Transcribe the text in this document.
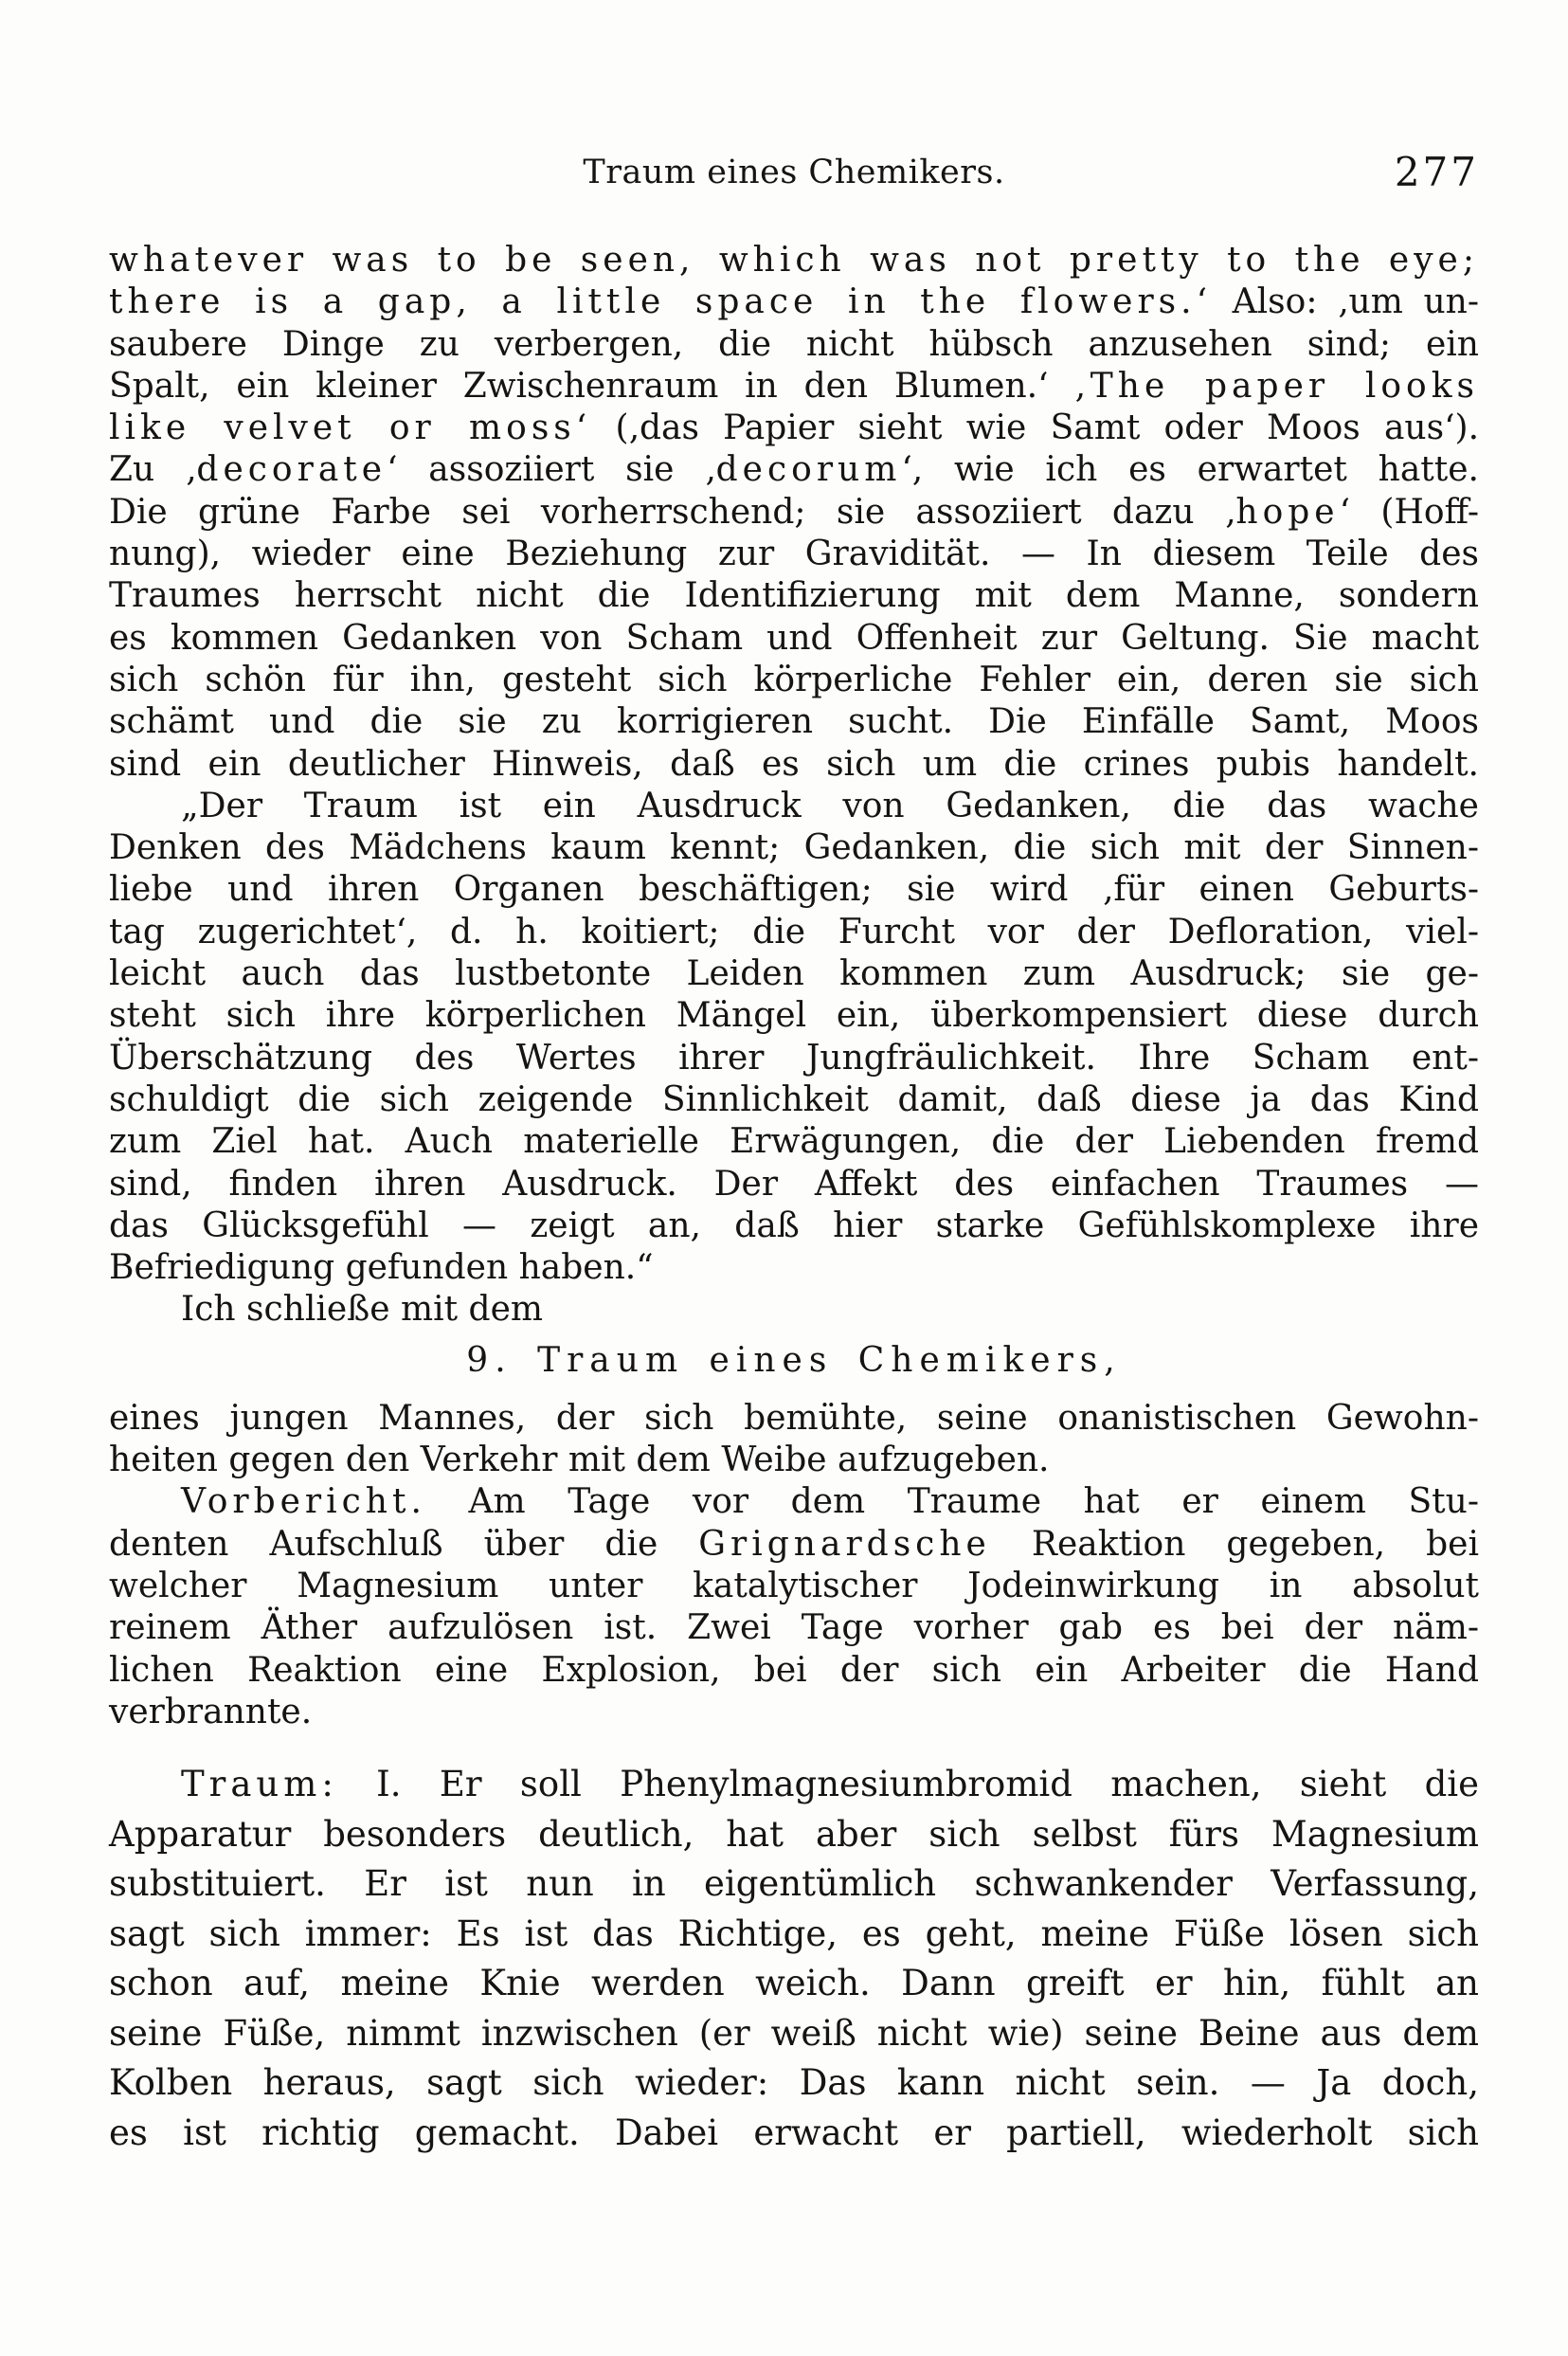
Traum eines Chemikers.	277
whatever was to be seen, which was not pretty to the eye;
there is a gap, a little space in the flowers.‘ Also: ‚um un-
saubere Dinge zu verbergen, die nicht hübsch anzusehen sind; ein
Spalt, ein kleiner Zwischenraum in den Blumen.‘ ‚The paper looks
like velvet or moss‘ (‚das Papier sieht wie Samt oder Moos aus‘).
Zu ‚decorate‘ assoziiert sie ‚decorum‘, wie ich es erwartet hatte.
Die grüne Farbe sei vorherrschend; sie assoziiert dazu ‚hope‘ (Hoff-
nung), wieder eine Beziehung zur Gravidität. — In diesem Teile des
Traumes herrscht nicht die Identifizierung mit dem Manne, sondern
es kommen Gedanken von Scham und Offenheit zur Geltung. Sie macht
sich schön für ihn, gesteht sich körperliche Fehler ein, deren sie sich
schämt und die sie zu korrigieren sucht. Die Einfälle Samt, Moos
sind ein deutlicher Hinweis, daß es sich um die crines pubis handelt.
„Der Traum ist ein Ausdruck von Gedanken, die das wache
Denken des Mädchens kaum kennt; Gedanken, die sich mit der Sinnen-
liebe und ihren Organen beschäftigen; sie wird ‚für einen Geburts-
tag zugerichtet‘, d. h. koitiert; die Furcht vor der Defloration, viel-
leicht auch das lustbetonte Leiden kommen zum Ausdruck; sie ge-
steht sich ihre körperlichen Mängel ein, überkompensiert diese durch
Überschätzung des Wertes ihrer Jungfräulichkeit. Ihre Scham ent-
schuldigt die sich zeigende Sinnlichkeit damit, daß diese ja das Kind
zum Ziel hat. Auch materielle Erwägungen, die der Liebenden fremd
sind, finden ihren Ausdruck. Der Affekt des einfachen Traumes —
das Glücksgefühl — zeigt an, daß hier starke Gefühlskomplexe ihre
Befriedigung gefunden haben.“
Ich schließe mit dem
9. Traum eines Chemikers,
eines jungen Mannes, der sich bemühte, seine onanistischen Gewohn-
heiten gegen den Verkehr mit dem Weibe aufzugeben.
Vorbericht. Am Tage vor dem Traume hat er einem Stu-
denten Aufschluß über die Grignardsche Reaktion gegeben, bei
welcher Magnesium unter katalytischer Jodeinwirkung in absolut
reinem Äther aufzulösen ist. Zwei Tage vorher gab es bei der näm-
lichen Reaktion eine Explosion, bei der sich ein Arbeiter die Hand
verbrannte.
Traum: I. Er soll Phenylmagnesiumbromid machen, sieht die
Apparatur besonders deutlich, hat aber sich selbst fürs Magnesium
substituiert. Er ist nun in eigentümlich schwankender Verfassung,
sagt sich immer: Es ist das Richtige, es geht, meine Füße lösen sich
schon auf, meine Knie werden weich. Dann greift er hin, fühlt an
seine Füße, nimmt inzwischen (er weiß nicht wie) seine Beine aus dem
Kolben heraus, sagt sich wieder: Das kann nicht sein. — Ja doch,
es ist richtig gemacht. Dabei erwacht er partiell, wiederholt sich
